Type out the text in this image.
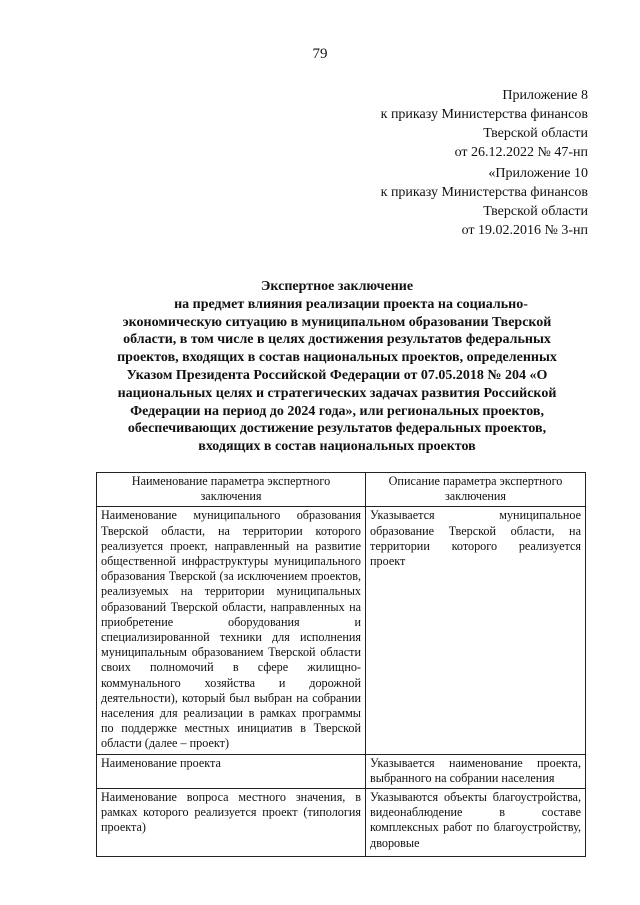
79
Приложение 8
к приказу Министерства финансов
Тверской области
от 26.12.2022 № 47-нп
«Приложение 10
к приказу Министерства финансов
Тверской области
от 19.02.2016 № 3-нп
Экспертное заключение
на предмет влияния реализации проекта на социально-
экономическую ситуацию в муниципальном образовании Тверской
области, в том числе в целях достижения результатов федеральных
проектов, входящих в состав национальных проектов, определенных
Указом Президента Российской Федерации от 07.05.2018 № 204 «О
национальных целях и стратегических задачах развития Российской
Федерации на период до 2024 года», или региональных проектов,
обеспечивающих достижение результатов федеральных проектов,
входящих в состав национальных проектов
Наименование параметра экспертного заключения	Описание параметра экспертного заключения
Наименование муниципального образования Тверской области, на территории которого реализуется проект, направленный на развитие общественной инфраструктуры муниципального образования Тверской (за исключением проектов, реализуемых на территории муниципальных образований Тверской области, направленных на приобретение оборудования и специализированной техники для исполнения муниципальным образованием Тверской области своих полномочий в сфере жилищно-коммунального хозяйства и дорожной деятельности), который был выбран на собрании населения для реализации в рамках программы по поддержке местных инициатив в Тверской области (далее – проект)	Указывается муниципальное образование Тверской области, на территории которого реализуется проект
Наименование проекта	Указывается наименование проекта, выбранного на собрании населения
Наименование вопроса местного значения, в рамках которого реализуется проект (типология проекта)	Указываются объекты благоустройства, видеонаблюдение в составе комплексных работ по благоустройству, дворовые
